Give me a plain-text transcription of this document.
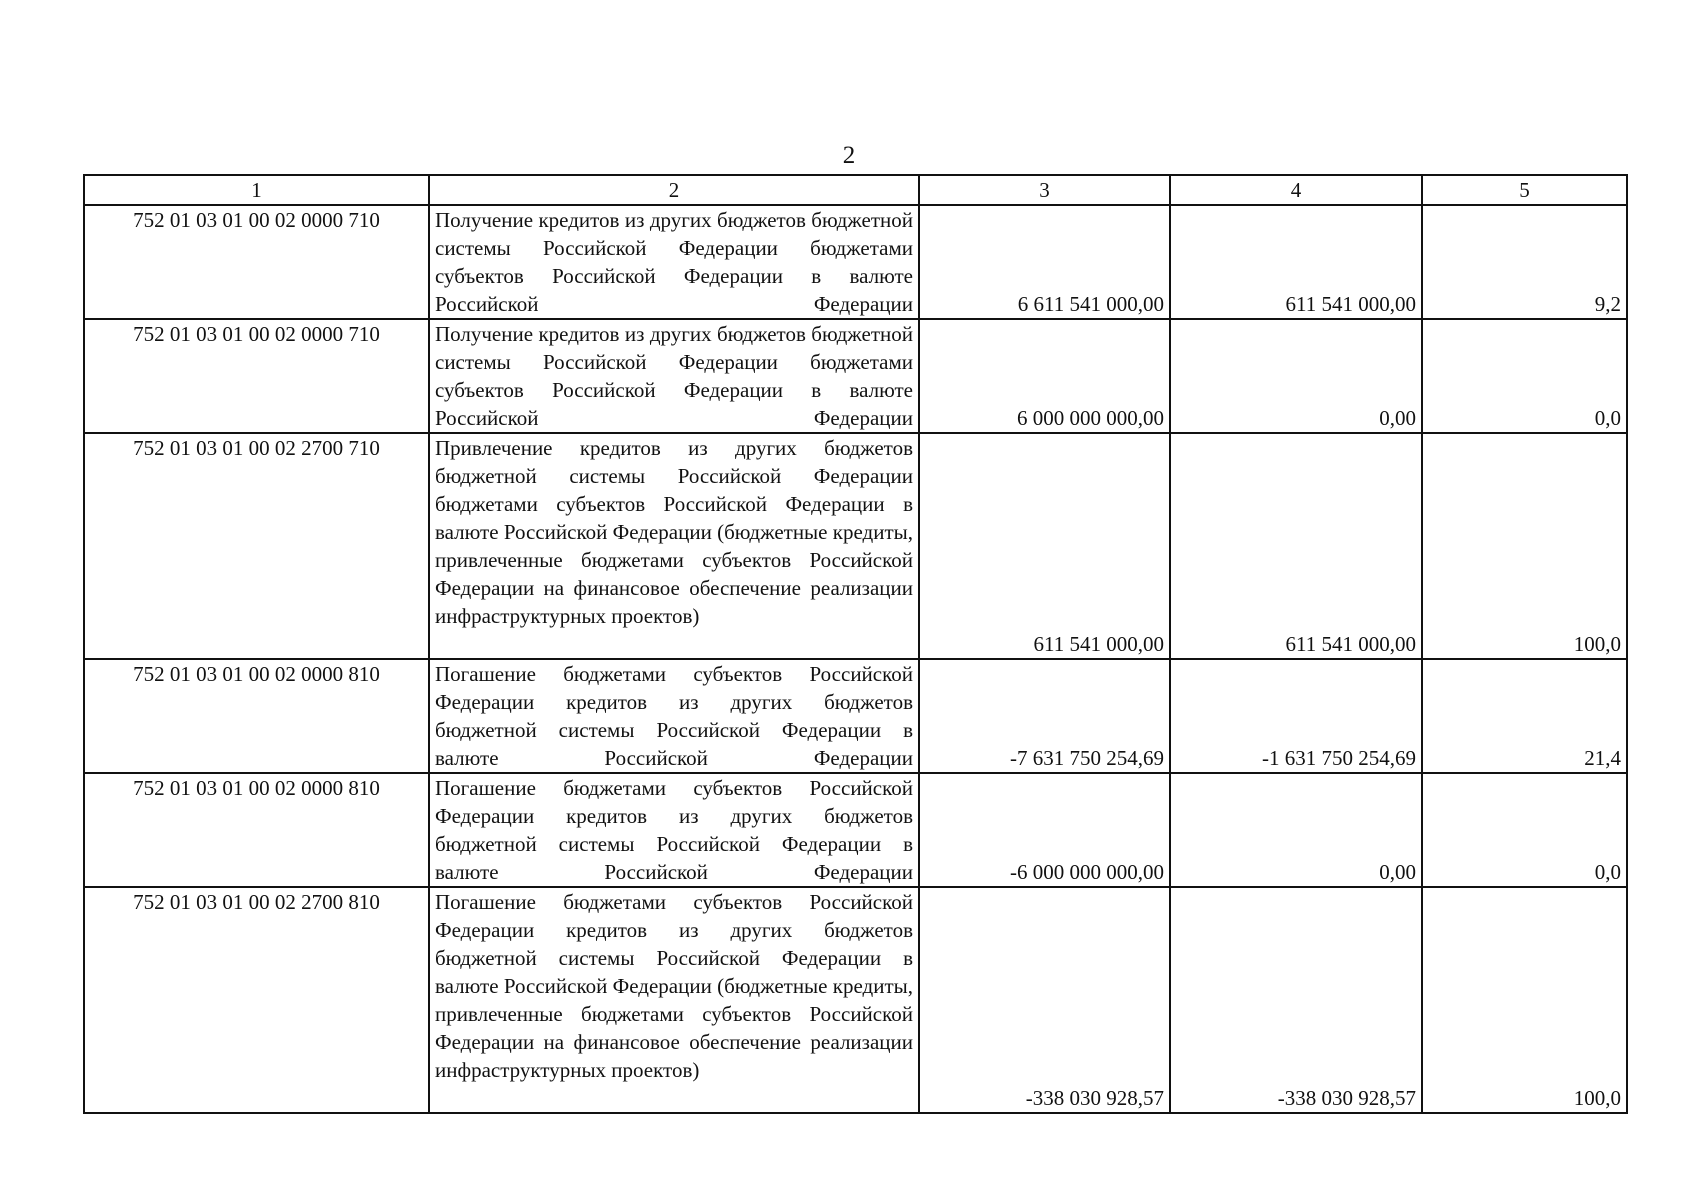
2
1	2	3	4	5
752 01 03 01 00 02 0000 710	Получение кредитов из других бюджетов бюджетной системы Российской Федерации бюджетами субъектов Российской Федерации в валюте Российской Федерации	6 611 541 000,00	611 541 000,00	9,2
752 01 03 01 00 02 0000 710	Получение кредитов из других бюджетов бюджетной системы Российской Федерации бюджетами субъектов Российской Федерации в валюте Российской Федерации	6 000 000 000,00	0,00	0,0
752 01 03 01 00 02 2700 710	Привлечение кредитов из других бюджетов бюджетной системы Российской Федерации бюджетами субъектов Российской Федерации в валюте Российской Федерации (бюджетные кредиты, привлеченные бюджетами субъектов Российской Федерации на финансовое обеспечение реализации инфраструктурных проектов)	611 541 000,00	611 541 000,00	100,0
752 01 03 01 00 02 0000 810	Погашение бюджетами субъектов Российской Федерации кредитов из других бюджетов бюджетной системы Российской Федерации в валюте Российской Федерации	-7 631 750 254,69	-1 631 750 254,69	21,4
752 01 03 01 00 02 0000 810	Погашение бюджетами субъектов Российской Федерации кредитов из других бюджетов бюджетной системы Российской Федерации в валюте Российской Федерации	-6 000 000 000,00	0,00	0,0
752 01 03 01 00 02 2700 810	Погашение бюджетами субъектов Российской Федерации кредитов из других бюджетов бюджетной системы Российской Федерации в валюте Российской Федерации (бюджетные кредиты, привлеченные бюджетами субъектов Российской Федерации на финансовое обеспечение реализации инфраструктурных проектов)	-338 030 928,57	-338 030 928,57	100,0
